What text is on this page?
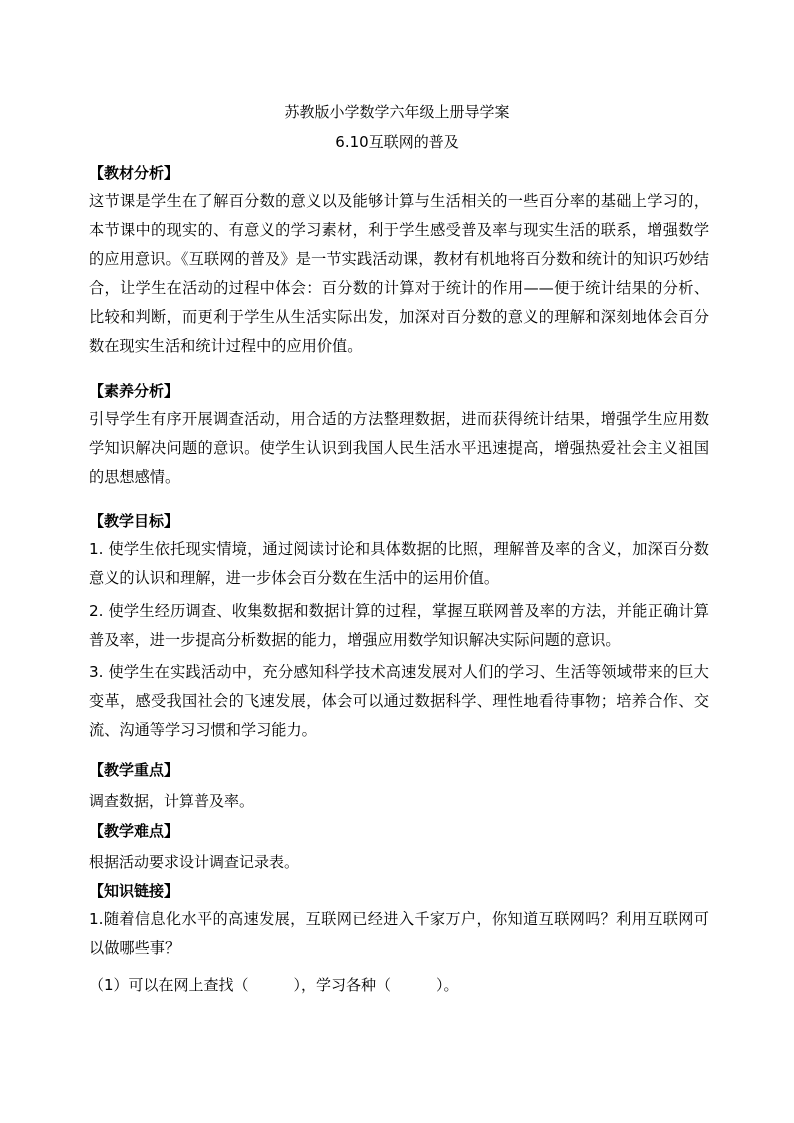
苏教版小学数学六年级上册导学案
6.10互联网的普及
【教材分析】

这节课是学生在了解百分数的意义以及能够计算与生活相关的一些百分率的基础上学习的，本节课中的现实的、有意义的学习素材，利于学生感受普及率与现实生活的联系，增强数学的应用意识。《互联网的普及》是一节实践活动课，教材有机地将百分数和统计的知识巧妙结合，让学生在活动的过程中体会：百分数的计算对于统计的作用——便于统计结果的分析、比较和判断，而更利于学生从生活实际出发，加深对百分数的意义的理解和深刻地体会百分数在现实生活和统计过程中的应用价值。

【素养分析】

引导学生有序开展调查活动，用合适的方法整理数据，进而获得统计结果，增强学生应用数学知识解决问题的意识。使学生认识到我国人民生活水平迅速提高，增强热爱社会主义祖国的思想感情。

【教学目标】

1. 使学生依托现实情境，通过阅读讨论和具体数据的比照，理解普及率的含义，加深百分数意义的认识和理解，进一步体会百分数在生活中的运用价值。

2. 使学生经历调查、收集数据和数据计算的过程，掌握互联网普及率的方法，并能正确计算普及率，进一步提高分析数据的能力，增强应用数学知识解决实际问题的意识。

3. 使学生在实践活动中，充分感知科学技术高速发展对人们的学习、生活等领域带来的巨大变革，感受我国社会的飞速发展，体会可以通过数据科学、理性地看待事物；培养合作、交流、沟通等学习习惯和学习能力。

【教学重点】
调查数据，计算普及率。
【教学难点】
根据活动要求设计调查记录表。
【知识链接】

1.随着信息化水平的高速发展，互联网已经进入千家万户，你知道互联网吗？利用互联网可以做哪些事？

（1）可以在网上查找（　　　），学习各种（　　　）。
